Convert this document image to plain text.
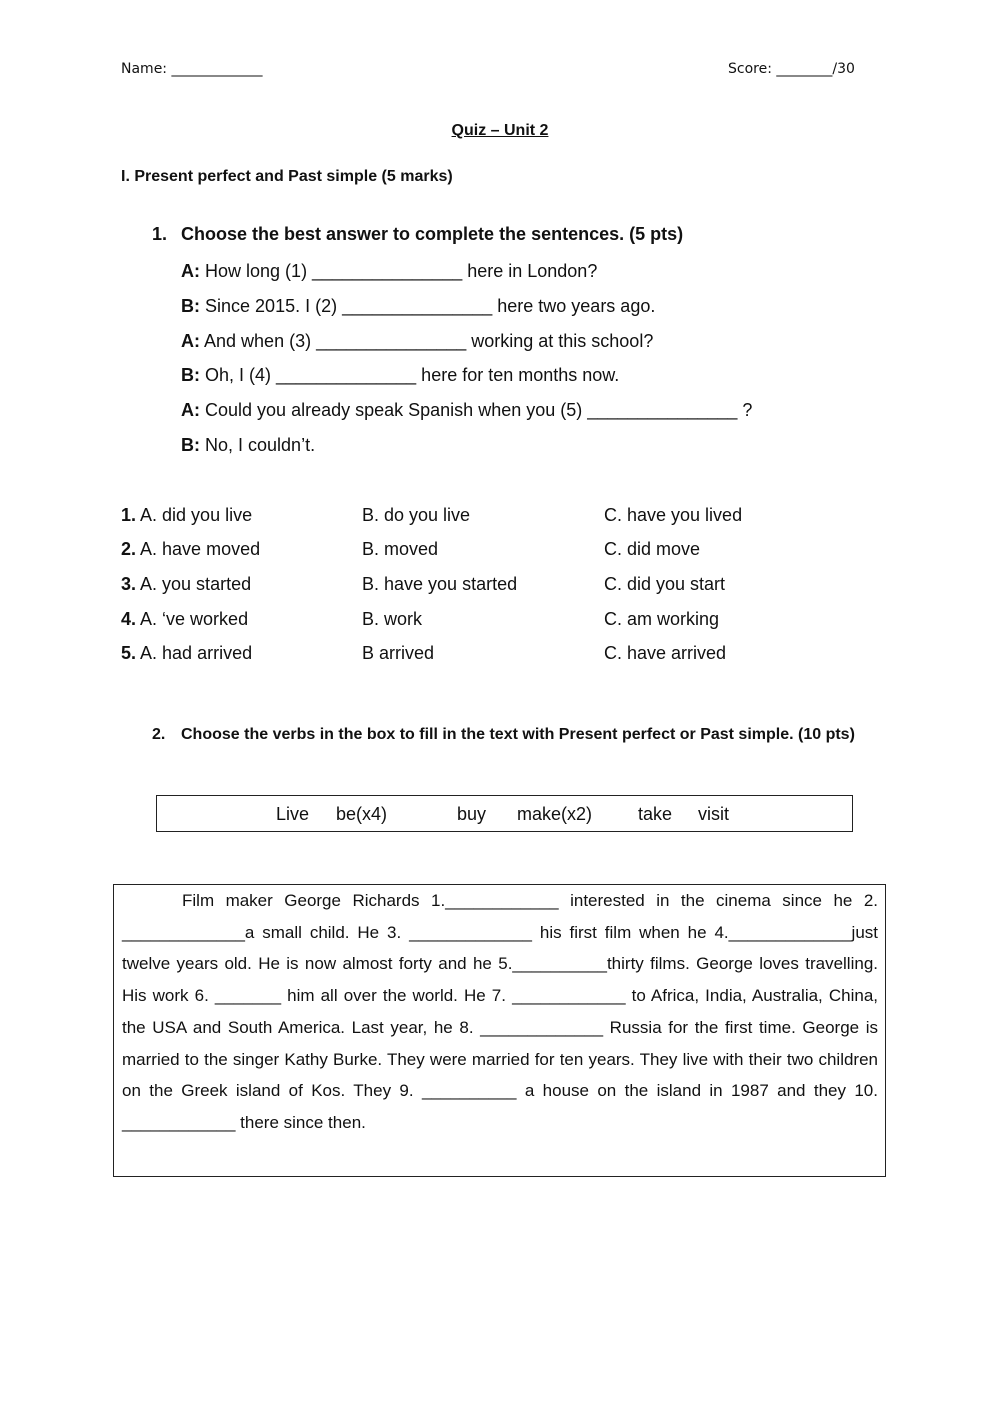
Name: _____________	Score: ________/30
Quiz – Unit 2
I. Present perfect and Past simple (5 marks)
1. Choose the best answer to complete the sentences. (5 pts)
A: How long (1) _______________ here in London?
B: Since 2015. I (2) _______________ here two years ago.
A: And when (3) _______________ working at this school?
B: Oh, I (4) ______________ here for ten months now.
A: Could you already speak Spanish when you (5) _______________ ?
B: No, I couldn’t.
1. A. did you live	B. do you live	C. have you lived
2. A. have moved	B. moved	C. did move
3. A. you started	B. have you started	C. did you start
4. A. ‘ve worked	B. work	C. am working
5. A. had arrived	B arrived	C. have arrived
2. Choose the verbs in the box to fill in the text with Present perfect or Past simple. (10 pts)
Live be(x4)	buy make(x2)	take visit
Film maker George Richards 1.____________ interested in the cinema since he 2. _____________a small child. He 3. _____________ his first film when he 4._____________just twelve years old. He is now almost forty and he 5.__________thirty films. George loves travelling. His work 6. _______ him all over the world. He 7. ____________ to Africa, India, Australia, China, the USA and South America. Last year, he 8. _____________ Russia for the first time. George is married to the singer Kathy Burke. They were married for ten years. They live with their two children on the Greek island of Kos. They 9. __________ a house on the island in 1987 and they 10. ____________ there since then.
